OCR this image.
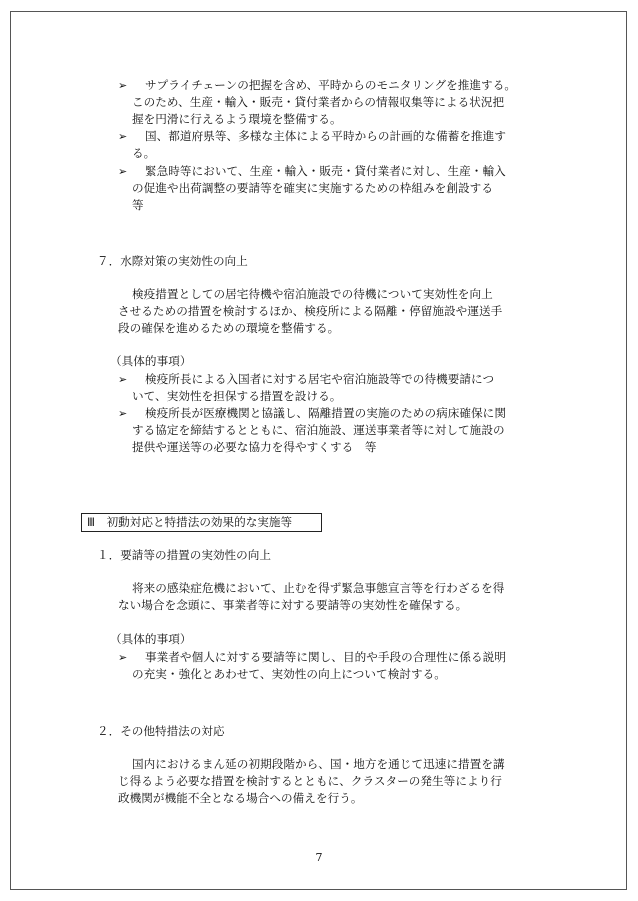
➢ サプライチェーンの把握を含め、平時からのモニタリングを推進する。
このため、生産・輸入・販売・貸付業者からの情報収集等による状況把
握を円滑に行えるよう環境を整備する。
➢ 国、都道府県等、多様な主体による平時からの計画的な備蓄を推進す
る。
➢ 緊急時等において、生産・輸入・販売・貸付業者に対し、生産・輸入
の促進や出荷調整の要請等を確実に実施するための枠組みを創設する
等
７．水際対策の実効性の向上
検疫措置としての居宅待機や宿泊施設での待機について実効性を向上
させるための措置を検討するほか、検疫所による隔離・停留施設や運送手
段の確保を進めるための環境を整備する。
（具体的事項）
➢ 検疫所長による入国者に対する居宅や宿泊施設等での待機要請につ
いて、実効性を担保する措置を設ける。
➢ 検疫所長が医療機関と協議し、隔離措置の実施のための病床確保に関
する協定を締結するとともに、宿泊施設、運送事業者等に対して施設の
提供や運送等の必要な協力を得やすくする　等
Ⅲ　初動対応と特措法の効果的な実施等
１．要請等の措置の実効性の向上
将来の感染症危機において、止むを得ず緊急事態宣言等を行わざるを得
ない場合を念頭に、事業者等に対する要請等の実効性を確保する。
（具体的事項）
➢ 事業者や個人に対する要請等に関し、目的や手段の合理性に係る説明
の充実・強化とあわせて、実効性の向上について検討する。
２．その他特措法の対応
国内におけるまん延の初期段階から、国・地方を通じて迅速に措置を講
じ得るよう必要な措置を検討するとともに、クラスターの発生等により行
政機関が機能不全となる場合への備えを行う。
7
